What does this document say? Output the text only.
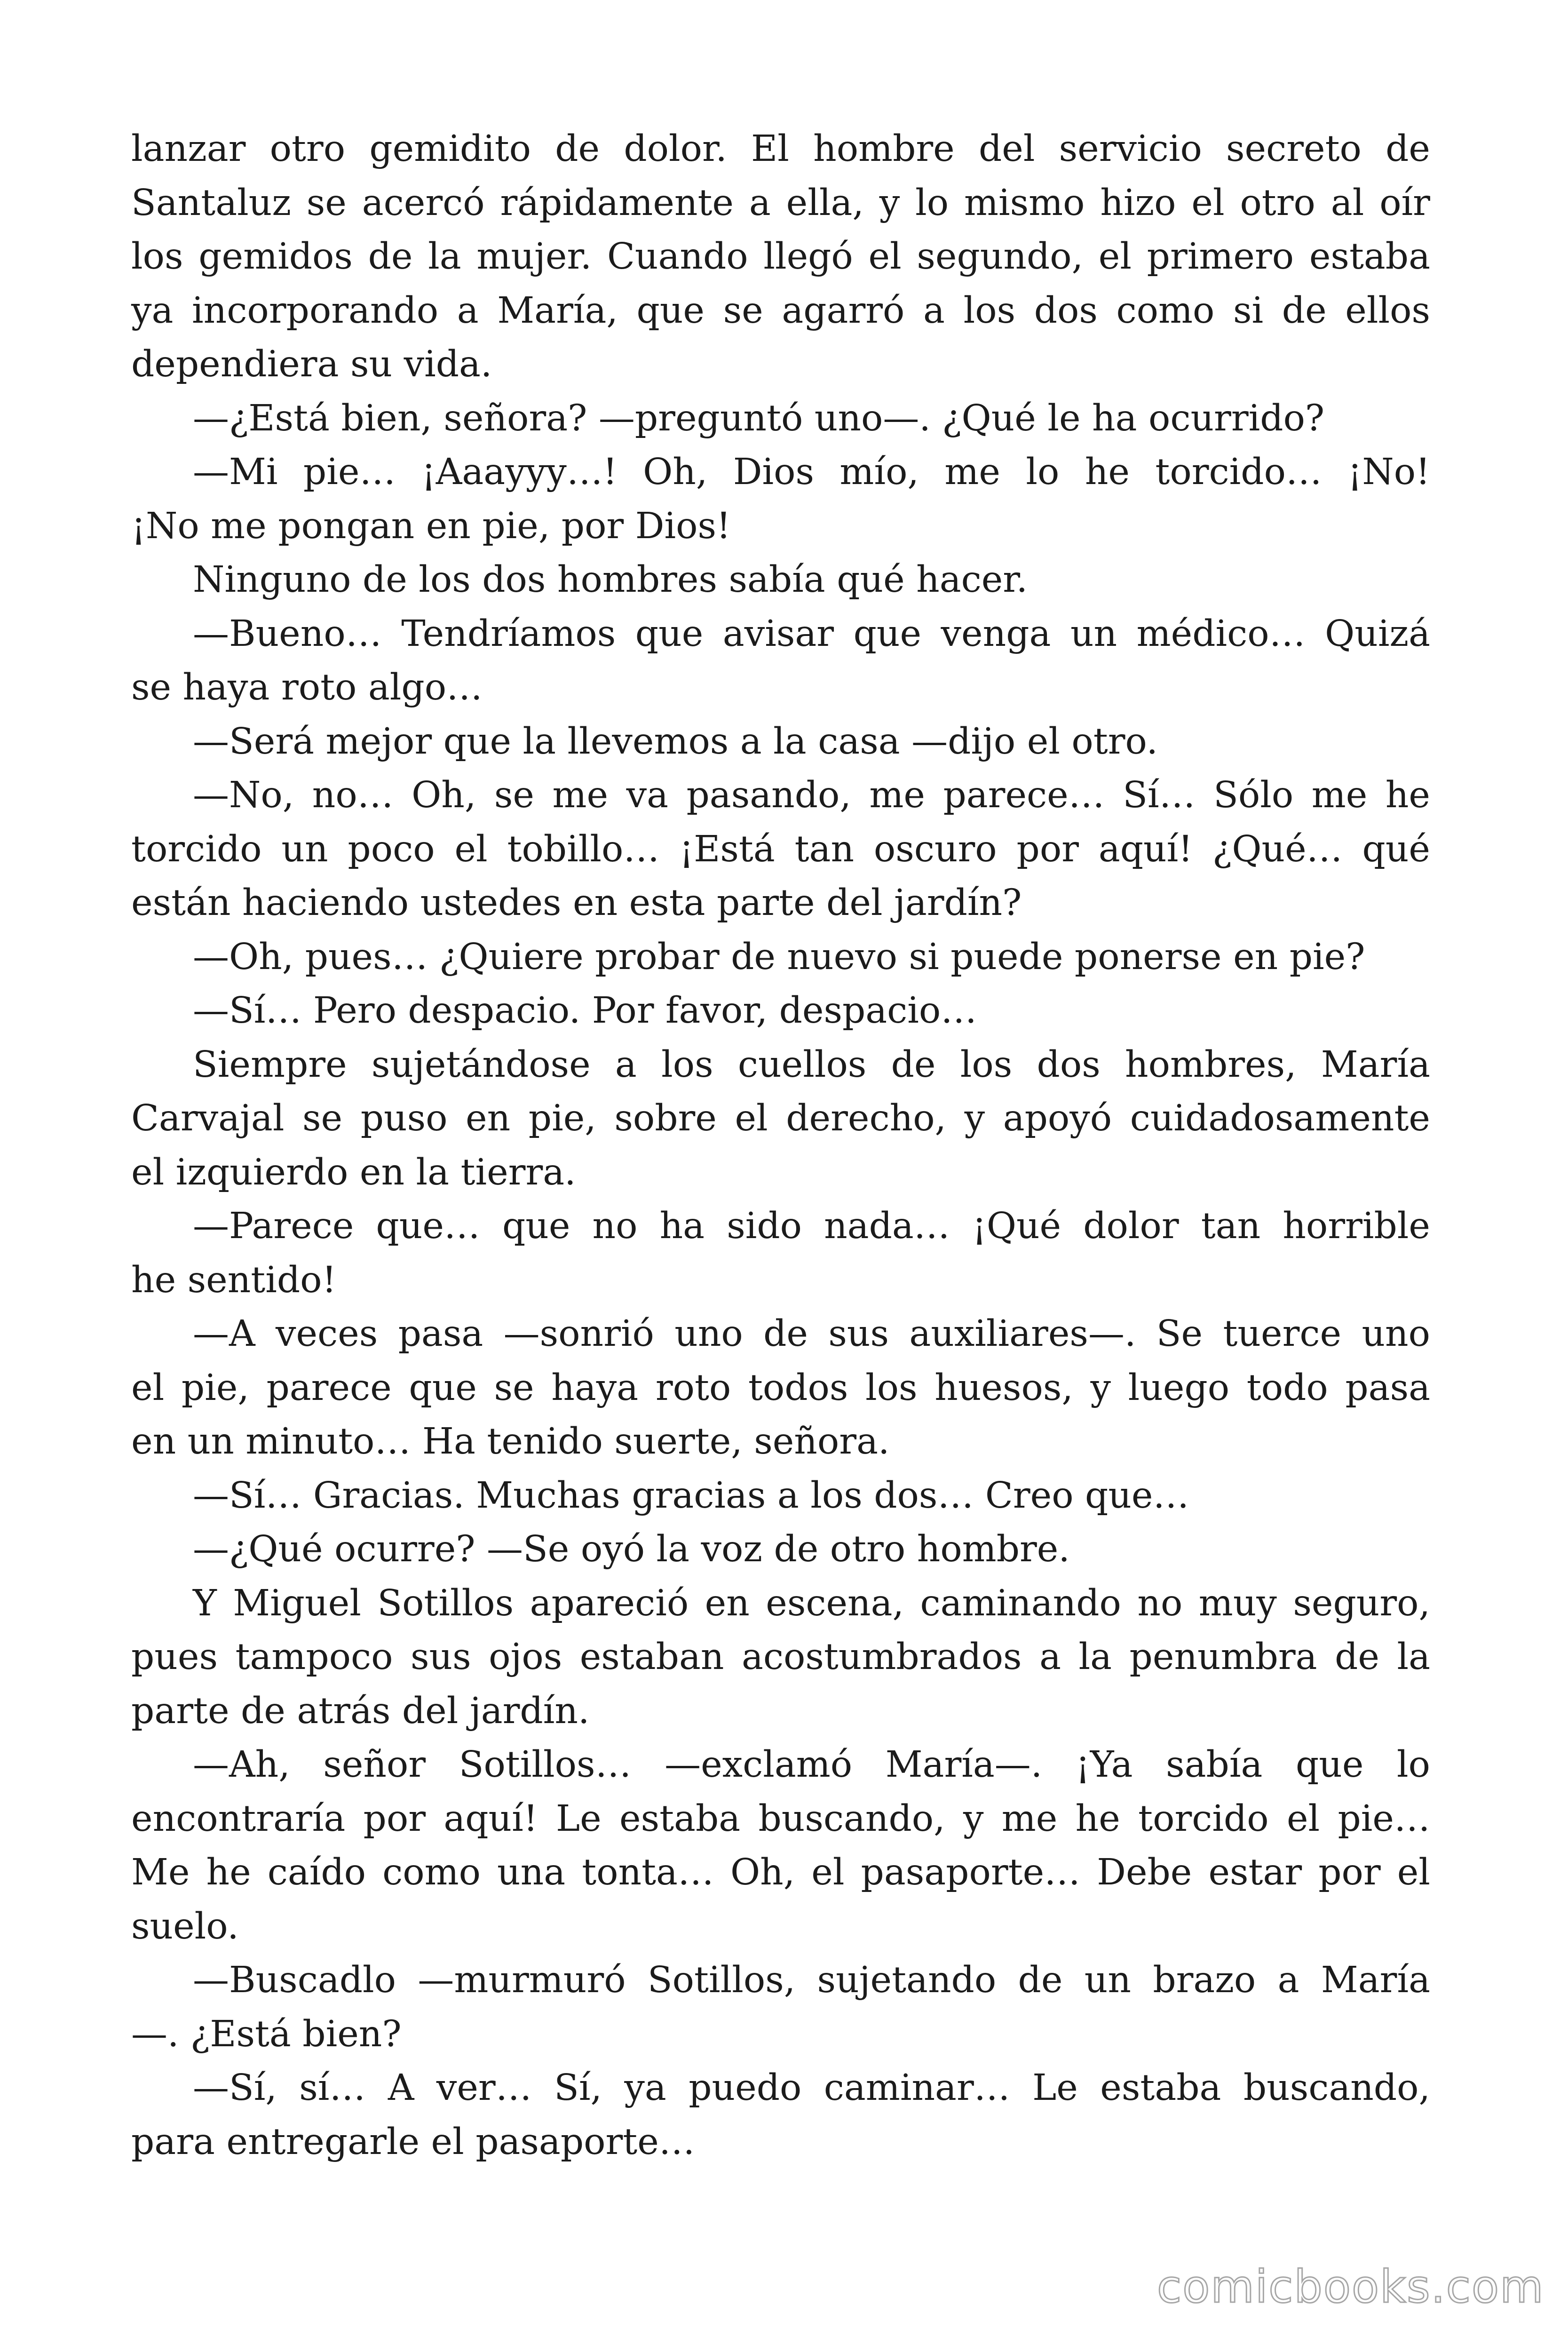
lanzar otro gemidito de dolor. El hombre del servicio secreto de
Santaluz se acercó rápidamente a ella, y lo mismo hizo el otro al oír
los gemidos de la mujer. Cuando llegó el segundo, el primero estaba
ya incorporando a María, que se agarró a los dos como si de ellos
dependiera su vida.
—¿Está bien, señora? —preguntó uno—. ¿Qué le ha ocurrido?
—Mi pie… ¡Aaayyy…! Oh, Dios mío, me lo he torcido… ¡No!
¡No me pongan en pie, por Dios!
Ninguno de los dos hombres sabía qué hacer.
—Bueno… Tendríamos que avisar que venga un médico… Quizá
se haya roto algo…
—Será mejor que la llevemos a la casa —dijo el otro.
—No, no… Oh, se me va pasando, me parece… Sí… Sólo me he
torcido un poco el tobillo… ¡Está tan oscuro por aquí! ¿Qué… qué
están haciendo ustedes en esta parte del jardín?
—Oh, pues… ¿Quiere probar de nuevo si puede ponerse en pie?
—Sí… Pero despacio. Por favor, despacio…
Siempre sujetándose a los cuellos de los dos hombres, María
Carvajal se puso en pie, sobre el derecho, y apoyó cuidadosamente
el izquierdo en la tierra.
—Parece que… que no ha sido nada… ¡Qué dolor tan horrible
he sentido!
—A veces pasa —sonrió uno de sus auxiliares—. Se tuerce uno
el pie, parece que se haya roto todos los huesos, y luego todo pasa
en un minuto… Ha tenido suerte, señora.
—Sí… Gracias. Muchas gracias a los dos… Creo que…
—¿Qué ocurre? —Se oyó la voz de otro hombre.
Y Miguel Sotillos apareció en escena, caminando no muy seguro,
pues tampoco sus ojos estaban acostumbrados a la penumbra de la
parte de atrás del jardín.
—Ah, señor Sotillos… —exclamó María—. ¡Ya sabía que lo
encontraría por aquí! Le estaba buscando, y me he torcido el pie…
Me he caído como una tonta… Oh, el pasaporte… Debe estar por el
suelo.
—Buscadlo —murmuró Sotillos, sujetando de un brazo a María
—. ¿Está bien?
—Sí, sí… A ver… Sí, ya puedo caminar… Le estaba buscando,
para entregarle el pasaporte…
comicbooks.com
